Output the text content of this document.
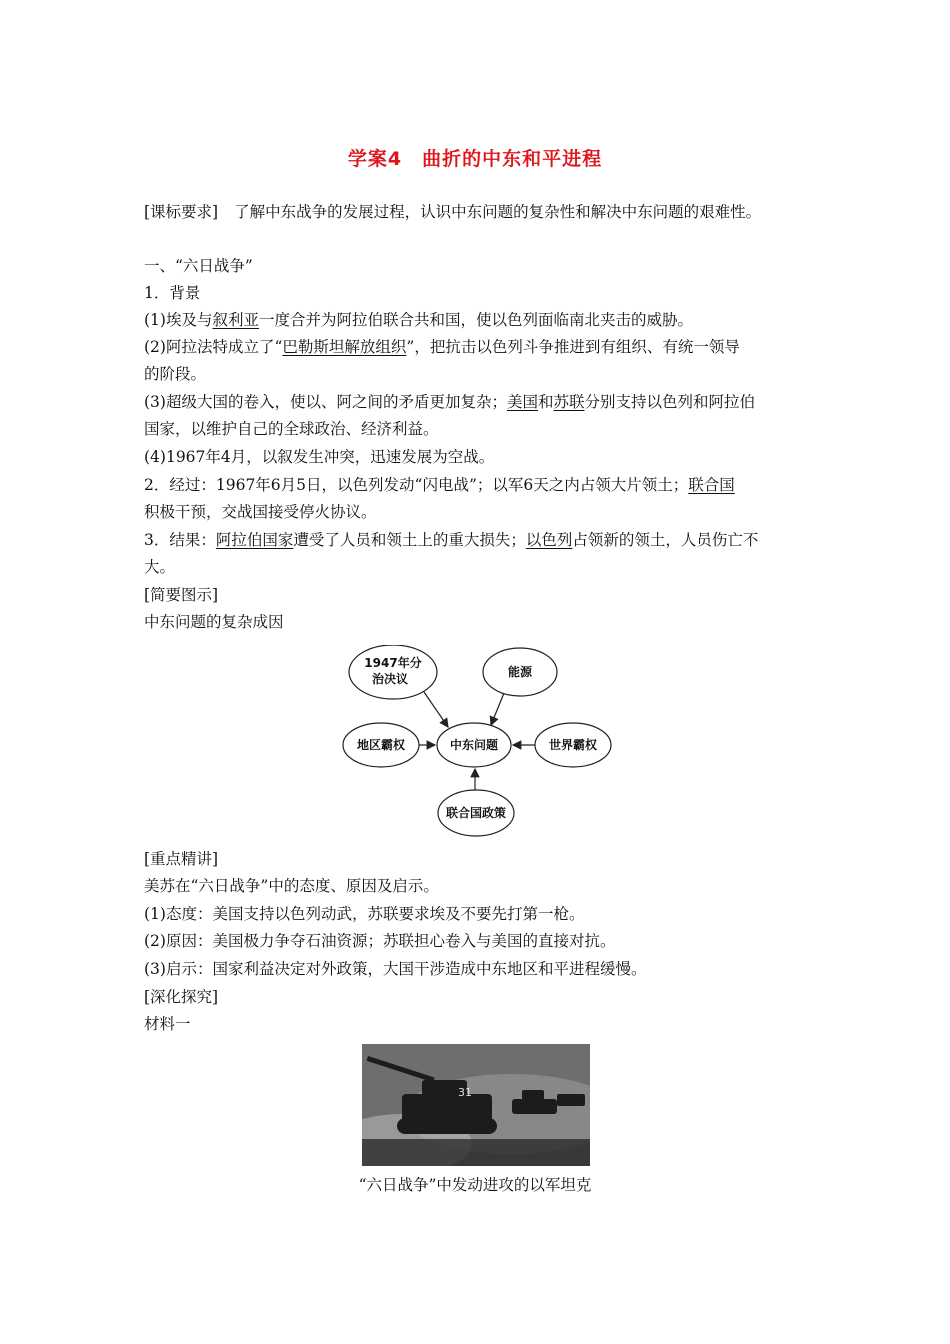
学案4　曲折的中东和平进程
[课标要求] 了解中东战争的发展过程，认识中东问题的复杂性和解决中东问题的艰难性。
一、“六日战争”
1．背景
(1)埃及与叙利亚一度合并为阿拉伯联合共和国，使以色列面临南北夹击的威胁。
(2)阿拉法特成立了“巴勒斯坦解放组织”，把抗击以色列斗争推进到有组织、有统一领导
的阶段。
(3)超级大国的卷入，使以、阿之间的矛盾更加复杂；美国和苏联分别支持以色列和阿拉伯
国家，以维护自己的全球政治、经济利益。
(4)1967年4月，以叙发生冲突，迅速发展为空战。
2．经过：1967年6月5日，以色列发动“闪电战”；以军6天之内占领大片领土；联合国
积极干预，交战国接受停火协议。
3．结果：阿拉伯国家遭受了人员和领土上的重大损失；以色列占领新的领土，人员伤亡不
大。
[简要图示]
中东问题的复杂成因
1947年分
治决议	能源
中东问题
地区霸权	世界霸权
联合国政策
[重点精讲]
美苏在“六日战争”中的态度、原因及启示。
(1)态度：美国支持以色列动武，苏联要求埃及不要先打第一枪。
(2)原因：美国极力争夺石油资源；苏联担心卷入与美国的直接对抗。
(3)启示：国家利益决定对外政策，大国干涉造成中东地区和平进程缓慢。
[深化探究]
材料一
31
“六日战争”中发动进攻的以军坦克
